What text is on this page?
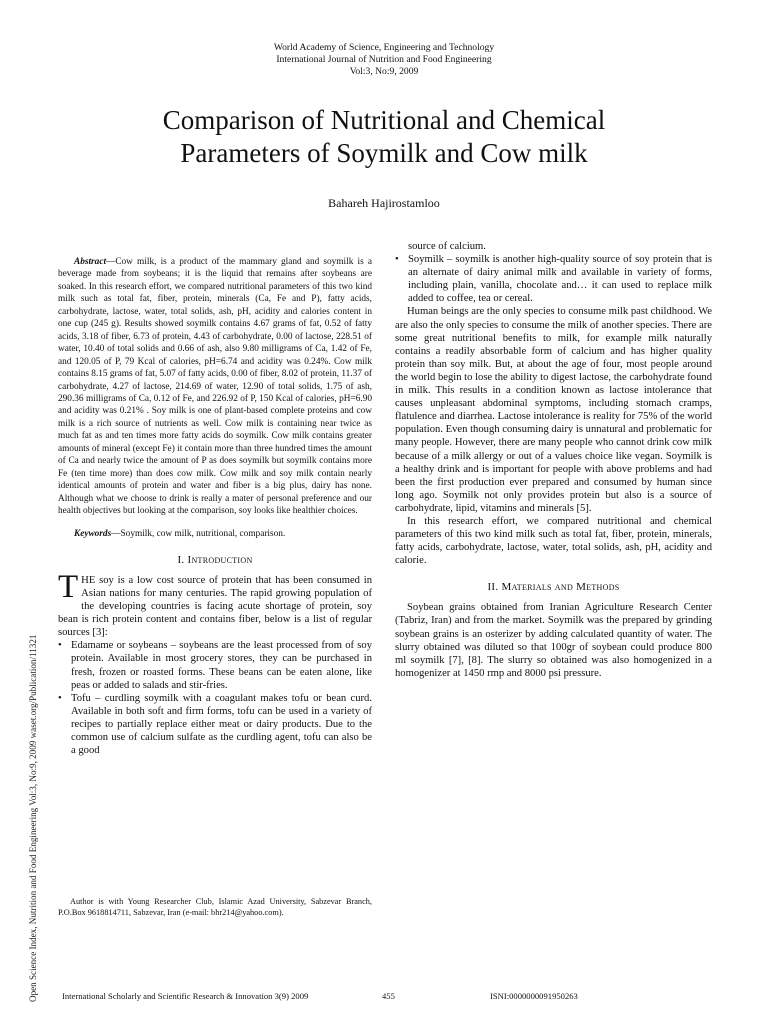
World Academy of Science, Engineering and Technology
International Journal of Nutrition and Food Engineering
Vol:3, No:9, 2009
Comparison of Nutritional and Chemical
Parameters of Soymilk and Cow milk
Bahareh Hajirostamloo
Open Science Index, Nutrition and Food Engineering Vol:3, No:9, 2009 waset.org/Publication/11321

Abstract—Cow milk, is a product of the mammary gland and soymilk is a beverage made from soybeans; it is the liquid that remains after soybeans are soaked. In this research effort, we compared nutritional parameters of this two kind milk such as total fat, fiber, protein, minerals (Ca, Fe and P), fatty acids, carbohydrate, lactose, water, total solids, ash, pH, acidity and calories content in one cup (245 g). Results showed soymilk contains 4.67 grams of fat, 0.52 of fatty acids, 3.18 of fiber, 6.73 of protein, 4.43 of carbohydrate, 0.00 of lactose, 228.51 of water, 10.40 of total solids and 0.66 of ash, also 9.80 milligrams of Ca, 1.42 of Fe, and 120.05 of P, 79 Kcal of calories, pH=6.74 and acidity was 0.24%. Cow milk contains 8.15 grams of fat, 5.07 of fatty acids, 0.00 of fiber, 8.02 of protein, 11.37 of carbohydrate, 4.27 of lactose, 214.69 of water, 12.90 of total solids, 1.75 of ash, 290.36 milligrams of Ca, 0.12 of Fe, and 226.92 of P, 150 Kcal of calories, pH=6.90 and acidity was 0.21% . Soy milk is one of plant-based complete proteins and cow milk is a rich source of nutrients as well. Cow milk is containing near twice as much fat as and ten times more fatty acids do soymilk. Cow milk contains greater amounts of mineral (except Fe) it contain more than three hundred times the amount of Ca and nearly twice the amount of P as does soymilk but soymilk contains more Fe (ten time more) than does cow milk. Cow milk and soy milk contain nearly identical amounts of protein and water and fiber is a big plus, dairy has none. Although what we choose to drink is really a mater of personal preference and our health objectives but looking at the comparison, soy looks like healthier choices.

Keywords—Soymilk, cow milk, nutritional, comparison.

I. Introduction

THE soy is a low cost source of protein that has been consumed in Asian nations for many centuries. The rapid growing population of the developing countries is facing acute shortage of protein, soy bean is rich protein content and contains fiber, below is a list of regular sources [3]:

• Edamame or soybeans – soybeans are the least processed from of soy protein. Available in most grocery stores, they can be purchased in fresh, frozen or roasted forms. These beans can be eaten alone, like peas or added to salads and stir-fries.
• Tofu – curdling soymilk with a coagulant makes tofu or bean curd. Available in both soft and firm forms, tofu can be used in a variety of recipes to partially replace either meat or dairy products. Due to the common use of calcium sulfate as the curdling agent, tofu can also be a good
Author is with Young Researcher Club, Islamic Azad University, Sabzevar Branch, P.O.Box 9618814711, Sabzevar, Iran (e-mail: bhr214@yahoo.com).

source of calcium.

• Soymilk – soymilk is another high-quality source of soy protein that is an alternate of dairy animal milk and available in variety of forms, including plain, vanilla, chocolate and… it can used to replace milk added to coffee, tea or cereal.

Human beings are the only species to consume milk past childhood. We are also the only species to consume the milk of another species. There are some great nutritional benefits to milk, for example milk naturally contains a readily absorbable form of calcium and has higher quality protein than soy milk. But, at about the age of four, most people around the world begin to lose the ability to digest lactose, the carbohydrate found in milk. This results in a condition known as lactose intolerance that causes unpleasant abdominal symptoms, including stomach cramps, flatulence and diarrhea. Lactose intolerance is reality for 75% of the world population. Even though consuming dairy is unnatural and problematic for many people. However, there are many people who cannot drink cow milk because of a milk allergy or out of a values choice like vegan. Soymilk is a healthy drink and is important for people with above problems and had been the first production ever prepared and consumed by human since long ago. Soymilk not only provides protein but also is a source of carbohydrate, lipid, vitamins and minerals [5].

In this research effort, we compared nutritional and chemical parameters of this two kind milk such as total fat, fiber, protein, minerals, fatty acids, carbohydrate, lactose, water, total solids, ash, pH, acidity and calorie.

II. Materials and Methods

Soybean grains obtained from Iranian Agriculture Research Center (Tabriz, Iran) and from the market. Soymilk was the prepared by grinding soybean grains is an osterizer by adding calculated quantity of water. The slurry obtained was diluted so that 100gr of soybean could produce 800 ml soymilk [7], [8]. The slurry so obtained was also homogenized in a homogenizer at 1450 rmp and 8000 psi pressure.

International Scholarly and Scientific Research & Innovation 3(9) 2009	455	ISNI:0000000091950263
